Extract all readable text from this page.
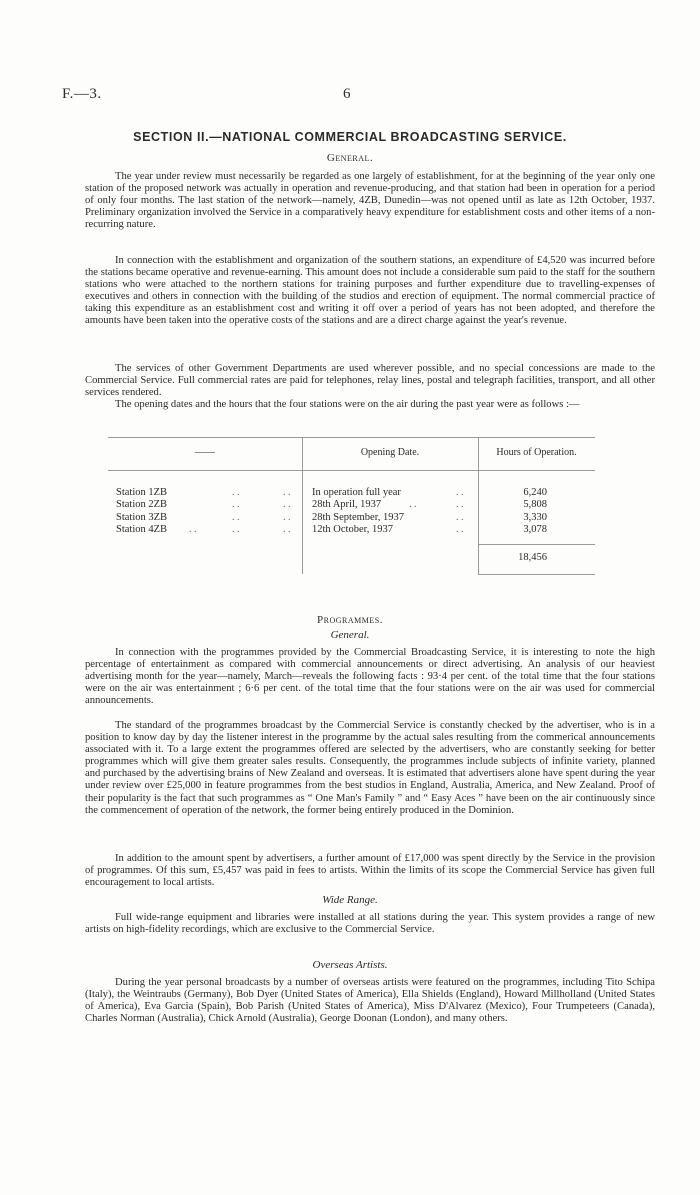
F.—3.	6
SECTION II.—NATIONAL COMMERCIAL BROADCASTING SERVICE.
General.

The year under review must necessarily be regarded as one largely of establishment, for at the beginning of the year only one station of the proposed network was actually in operation and revenue-producing, and that station had been in operation for a period of only four months. The last station of the network—namely, 4ZB, Dunedin—was not opened until as late as 12th October, 1937. Preliminary organization involved the Service in a comparatively heavy expenditure for establishment costs and other items of a non-recurring nature.

In connection with the establishment and organization of the southern stations, an expenditure of £4,520 was incurred before the stations became operative and revenue-earning. This amount does not include a considerable sum paid to the staff for the southern stations who were attached to the northern stations for training purposes and further expenditure due to travelling-expenses of executives and others in connection with the building of the studios and erection of equipment. The normal commercial practice of taking this expenditure as an establishment cost and writing it off over a period of years has not been adopted, and therefore the amounts have been taken into the operative costs of the stations and are a direct charge against the year's revenue.

The services of other Government Departments are used wherever possible, and no special concessions are made to the Commercial Service. Full commercial rates are paid for telephones, relay lines, postal and telegraph facilities, transport, and all other services rendered.

The opening dates and the hours that the four stations were on the air during the past year were as follows :—

——	Opening Date.	Hours of Operation.
Station 1ZB	. .	. . In operation full year	. .	6,240
Station 2ZB	. .	. . 28th April, 1937	. .	. .	5,808
Station 3ZB	. .	. . 28th September, 1937	. .	3,330
Station 4ZB . .	. .	. . 12th October, 1937	. .	3,078
18,456
Programmes.
General.

In connection with the programmes provided by the Commercial Broadcasting Service, it is interesting to note the high percentage of entertainment as compared with commercial announcements or direct advertising. An analysis of our heaviest advertising month for the year—namely, March—reveals the following facts : 93·4 per cent. of the total time that the four stations were on the air was entertainment ; 6·6 per cent. of the total time that the four stations were on the air was used for commercial announcements.

The standard of the programmes broadcast by the Commercial Service is constantly checked by the advertiser, who is in a position to know day by day the listener interest in the programme by the actual sales resulting from the commerical announcements associated with it. To a large extent the programmes offered are selected by the advertisers, who are constantly seeking for better programmes which will give them greater sales results. Consequently, the programmes include subjects of infinite variety, planned and purchased by the advertising brains of New Zealand and overseas. It is estimated that advertisers alone have spent during the year under review over £25,000 in feature programmes from the best studios in England, Australia, America, and New Zealand. Proof of their popularity is the fact that such programmes as “ One Man's Family ” and “ Easy Aces ” have been on the air continuously since the commencement of operation of the network, the former being entirely produced in the Dominion.

In addition to the amount spent by advertisers, a further amount of £17,000 was spent directly by the Service in the provision of programmes. Of this sum, £5,457 was paid in fees to artists. Within the limits of its scope the Commercial Service has given full encouragement to local artists.

Wide Range.

Full wide-range equipment and libraries were installed at all stations during the year. This system provides a range of new artists on high-fidelity recordings, which are exclusive to the Commercial Service.

Overseas Artists.

During the year personal broadcasts by a number of overseas artists were featured on the programmes, including Tito Schipa (Italy), the Weintraubs (Germany), Bob Dyer (United States of America), Ella Shields (England), Howard Millholland (United States of America), Eva Garcia (Spain), Bob Parish (United States of America), Miss D'Alvarez (Mexico), Four Trumpeteers (Canada), Charles Norman (Australia), Chick Arnold (Australia), George Doonan (London), and many others.
